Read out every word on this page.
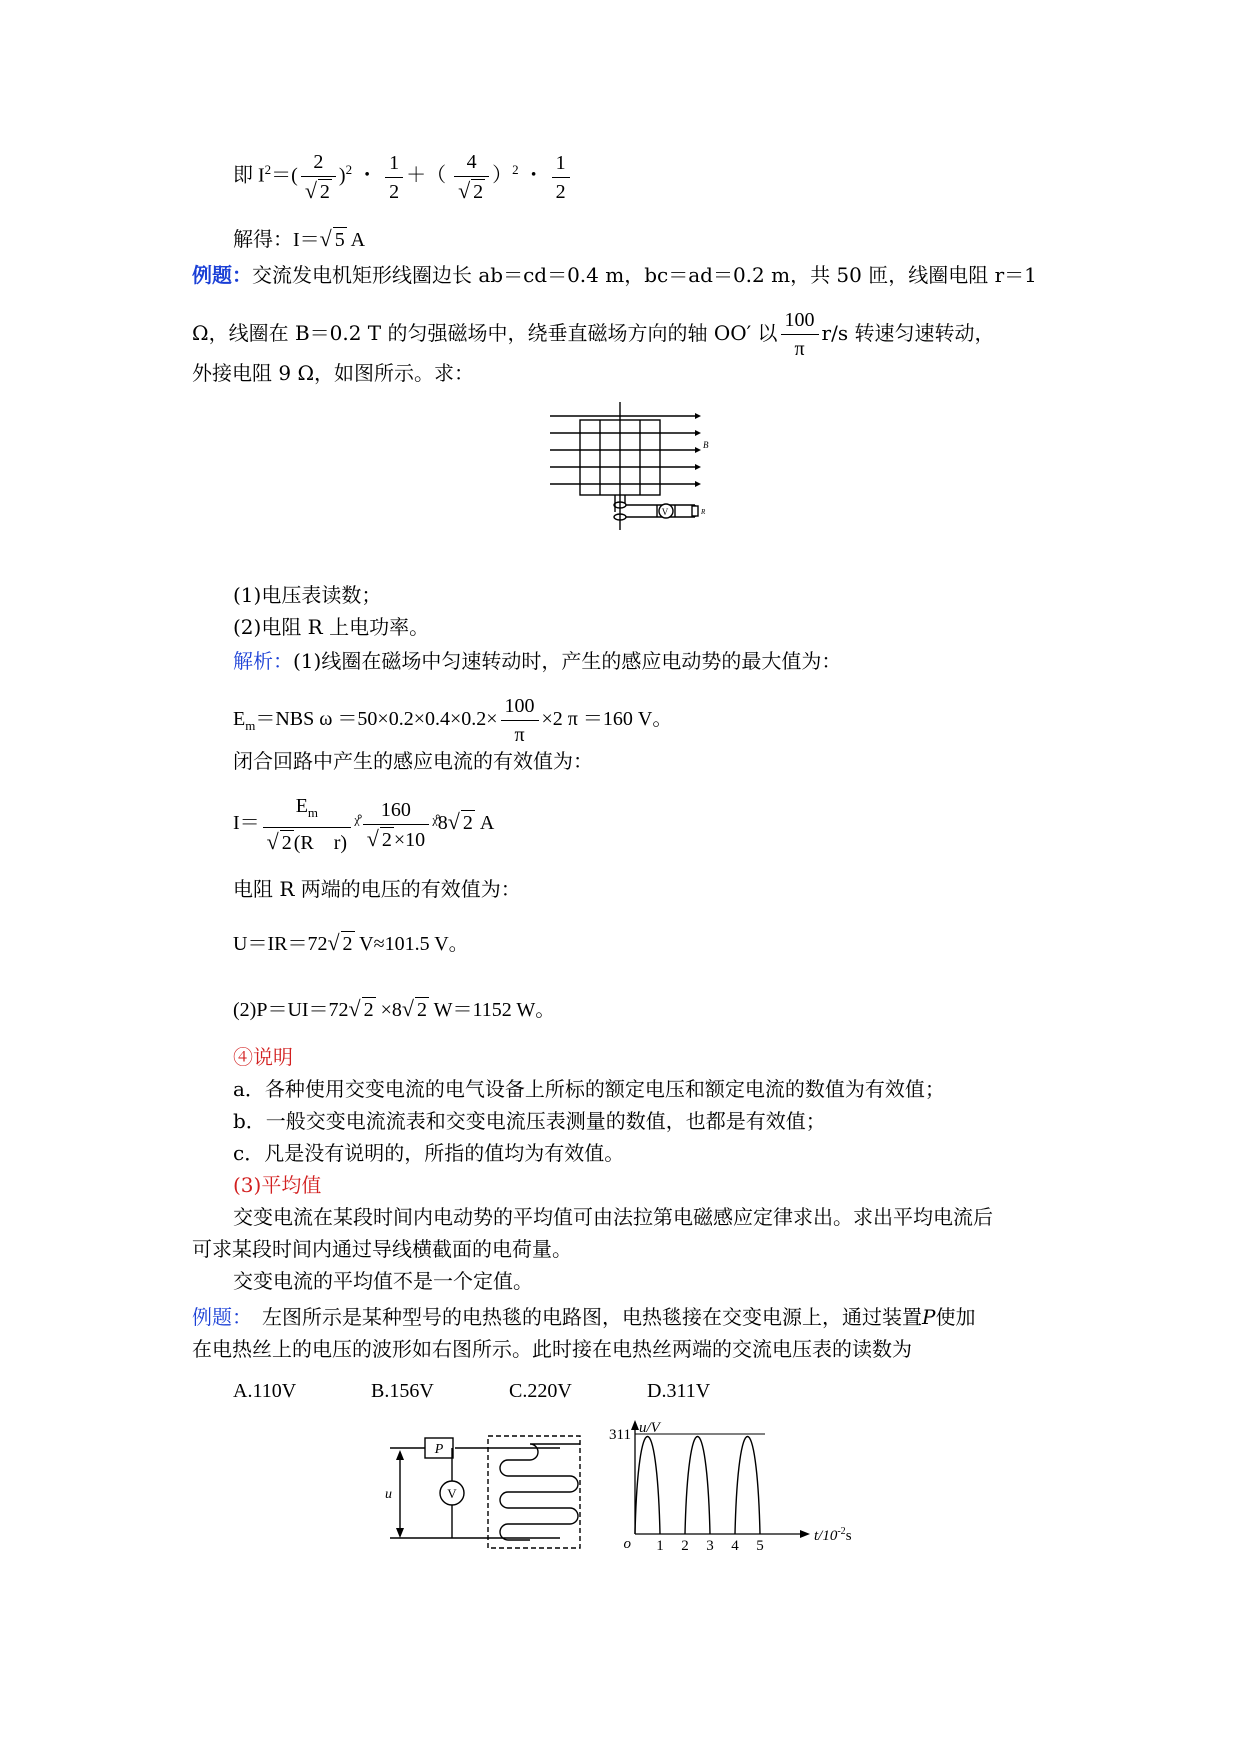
即 $I^2=( \frac{2}{√ 2} )^2$ ・ $\frac{1}{2}$ ＋（ $\frac{4}{√ 2} )^2$ ・ $\frac{1}{2}$
解得：I＝√ 5 A
例题：交流发电机矩形线圈边长 ab＝cd＝0.4 m，bc＝ad＝0.2 m，共 50 匝，线圈电阻 r＝1
Ω，线圈在 B＝0.2 T 的匀强磁场中，绕垂直磁场方向的轴 OO′ 以 $\frac{100}{\pi} r/s$ 转速匀速转动，
外接电阻 9 Ω，如图所示。求：
V
B
R
(1)电压表读数；
(2)电阻 R 上电功率。
解析：(1)线圈在磁场中匀速转动时，产生的感应电动势的最大值为：
$E_m=NBS$ $\omega =50\times 0.2\times 0.4\times 0.2\times \frac{100}{\pi} \times 2$ π ＝160 V。
闭合回路中产生的感应电流的有效值为：
$I= \frac{E_m}{\text{√ 2 (R　r)}}$ ᵡ̊ $\frac{160}{√ 2 \times 10}$ ᵡ̊8√ 2 A
电阻 R 两端的电压的有效值为：
U＝IR＝72√ 2 V≈101.5 V。
(2)P＝UI＝72√ 2 ×8√ 2 W＝1152 W。
④说明
a．各种使用交变电流的电气设备上所标的额定电压和额定电流的数值为有效值；
b．一般交变电流流表和交变电流压表测量的数值，也都是有效值；
c．凡是没有说明的，所指的值均为有效值。
(3)平均值
交变电流在某段时间内电动势的平均值可由法拉第电磁感应定律求出。求出平均电流后
可求某段时间内通过导线横截面的电荷量。
交变电流的平均值不是一个定值。
例题：　 左图所示是某种型号的电热毯的电路图，电热毯接在交变电源上，通过装置P使加
在电热丝上的电压的波形如右图所示。此时接在电热丝两端的交流电压表的读数为
A.110V	B.156V	C.220V	D.311V
P
V
u
1 2 3 4 5
u/V
311
o	$t/10^{-2}s$
